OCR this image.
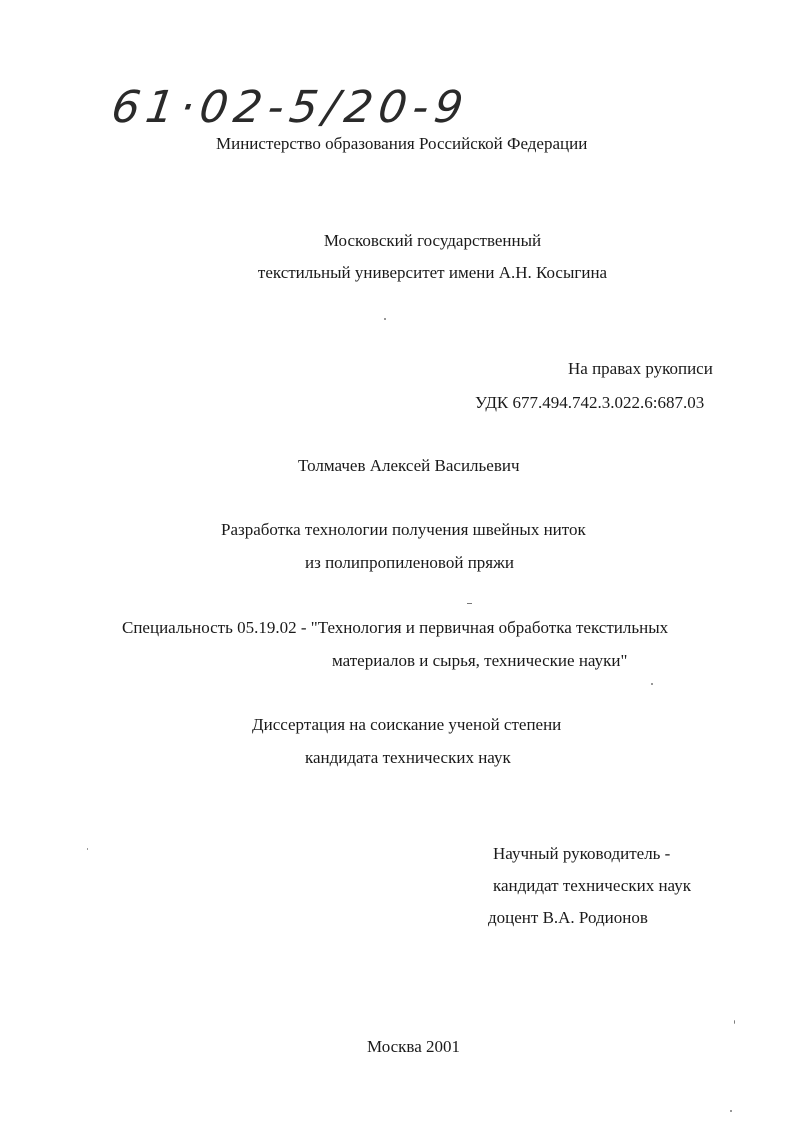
61·02-5/20-9
Министерство образования Российской Федерации
Московский государственный
текстильный университет имени А.Н. Косыгина
На правах рукописи
УДК 677.494.742.3.022.6:687.03
Толмачев Алексей Васильевич
Разработка технологии получения швейных ниток
из полипропиленовой пряжи
Специальность 05.19.02 - "Технология и первичная обработка текстильных
материалов и сырья, технические науки"
Диссертация на соискание ученой степени
кандидата технических наук
Научный руководитель -
кандидат технических наук
доцент В.А. Родионов
Москва 2001
